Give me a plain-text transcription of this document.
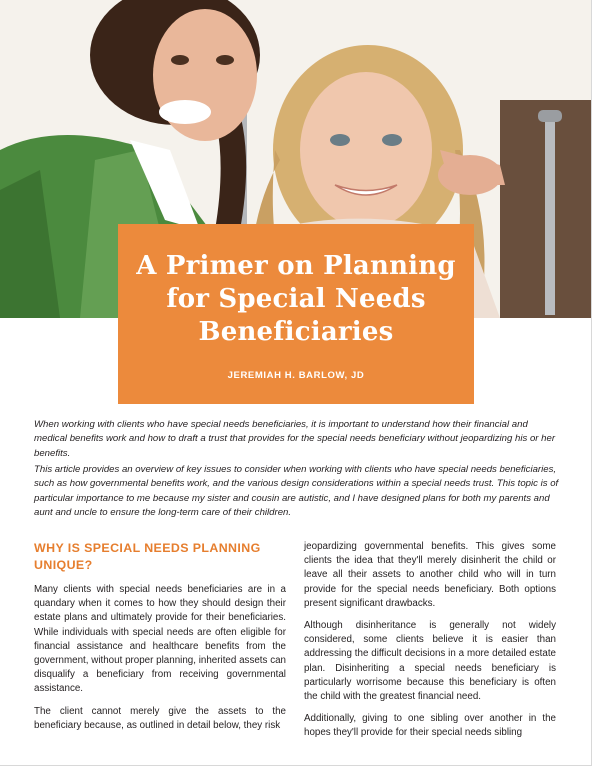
A Primer on Planning
for Special Needs
Beneficiaries
JEREMIAH H. BARLOW, JD

When working with clients who have special needs beneficiaries, it is important to understand how their financial and medical benefits work and how to draft a trust that provides for the special needs beneficiary without jeopardizing his or her benefits.

This article provides an overview of key issues to consider when working with clients who have special needs beneficiaries, such as how governmental benefits work, and the various design considerations within a special needs trust. This topic is of particular importance to me because my sister and cousin are autistic, and I have designed plans for both my parents and aunt and uncle to ensure the long-term care of their children.

WHY IS SPECIAL NEEDS PLANNING UNIQUE?

Many clients with special needs beneficiaries are in a quandary when it comes to how they should design their estate plans and ultimately provide for their beneficiaries. While individuals with special needs are often eligible for financial assistance and healthcare benefits from the government, without proper planning, inherited assets can disqualify a beneficiary from receiving governmental assistance.

The client cannot merely give the assets to the beneficiary because, as outlined in detail below, they risk

jeopardizing governmental benefits. This gives some clients the idea that they'll merely disinherit the child or leave all their assets to another child who will in turn provide for the special needs beneficiary. Both options present significant drawbacks.

Although disinheritance is generally not widely considered, some clients believe it is easier than addressing the difficult decisions in a more detailed estate plan. Disinheriting a special needs beneficiary is particularly worrisome because this beneficiary is often the child with the greatest financial need.

Additionally, giving to one sibling over another in the hopes they'll provide for their special needs sibling
